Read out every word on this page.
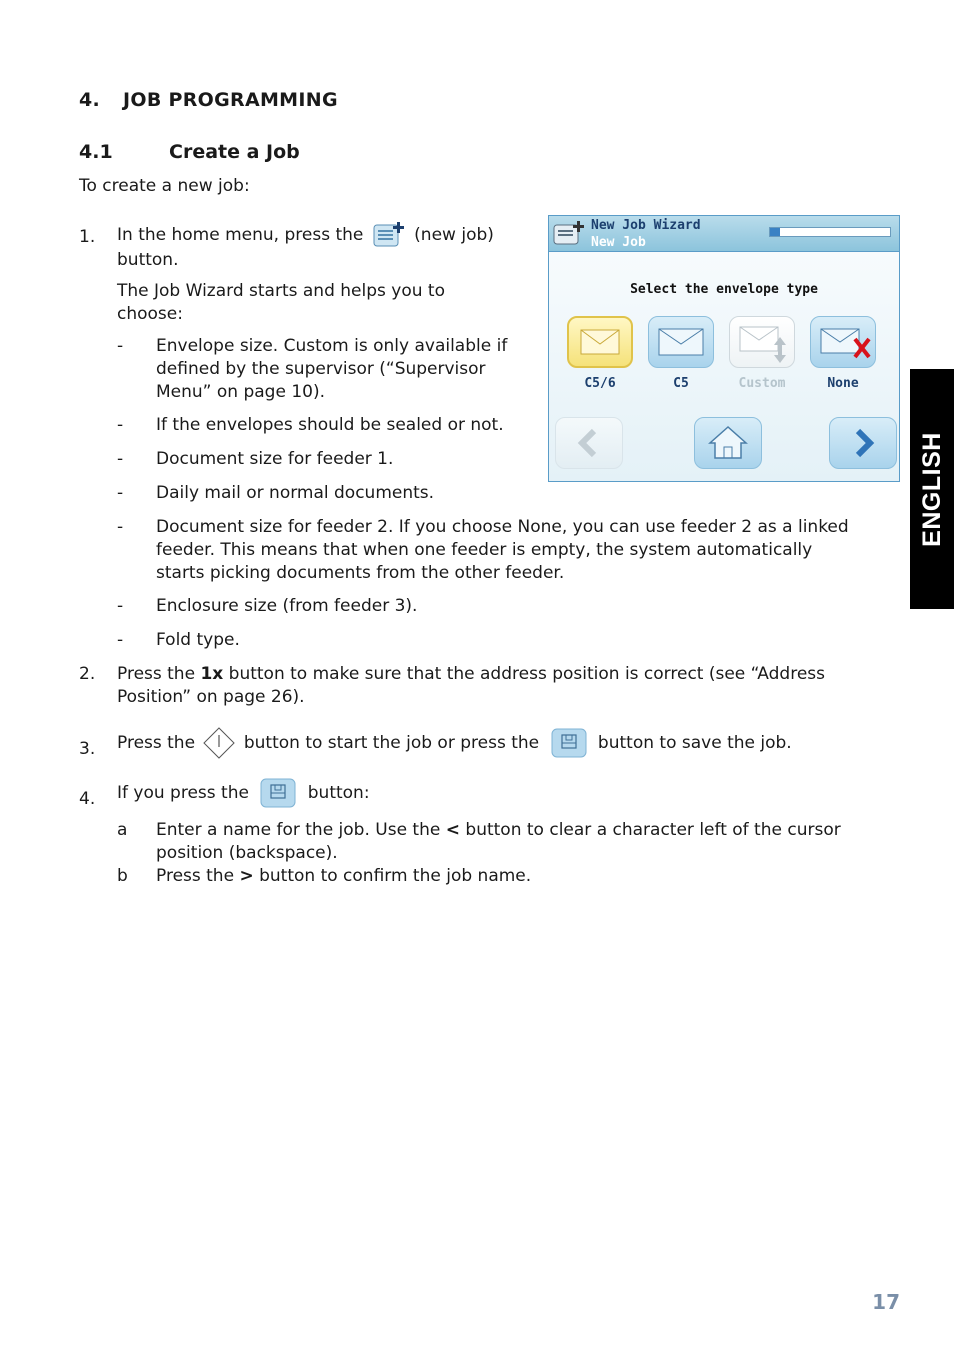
4. JOB PROGRAMMING
4.1	Create a Job
To create a new job:
1. In the home menu, press the	(new job)
button.
The Job Wizard starts and helps you to
choose:
- Envelope size. Custom is only available if
defined by the supervisor (“Supervisor
Menu” on page 10).
- If the envelopes should be sealed or not.
- Document size for feeder 1.
- Daily mail or normal documents.
- Document size for feeder 2. If you choose None, you can use feeder 2 as a linked
feeder. This means that when one feeder is empty, the system automatically
starts picking documents from the other feeder.
- Enclosure size (from feeder 3).
- Fold type.
2. Press the 1x button to make sure that the address position is correct (see “Address
Position” on page 26).
3. Press the	button to start the job or press the	button to save the job.
4. If you press the	button:
a Enter a name for the job. Use the < button to clear a character left of the cursor
position (backspace).
b Press the > button to confirm the job name.
New Job Wizard
New Job
Select the envelope type
C5/6	C5	Custom	None
ENGLISH
17
